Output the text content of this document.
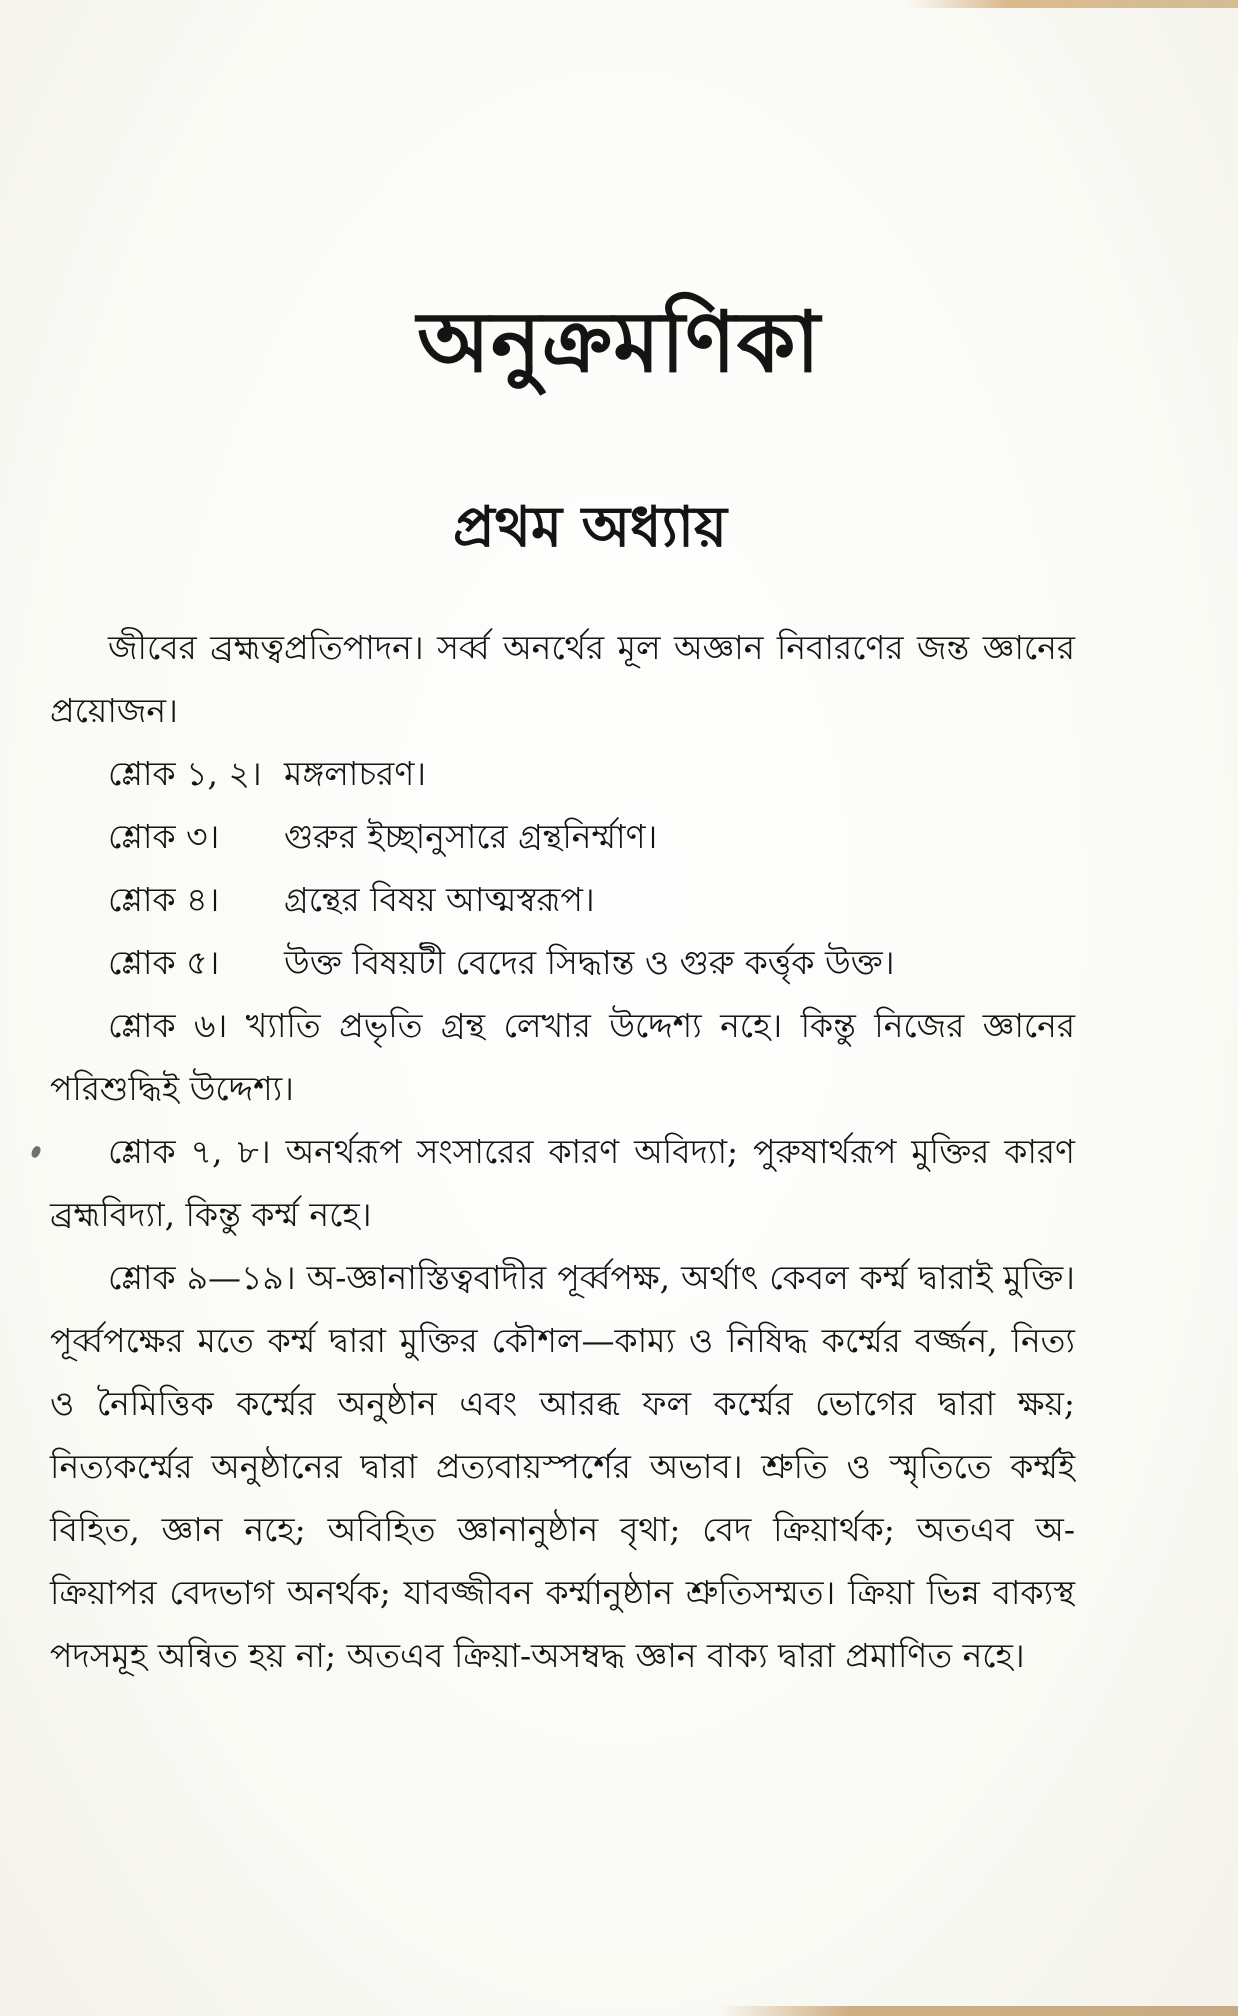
অনুক্রমণিকা
প্রথম অধ্যায়

জীবের ব্রহ্মত্বপ্রতিপাদন। সর্ব্ব অনর্থের মূল অজ্ঞান নিবারণের জন্ত জ্ঞানের প্রয়োজন।

শ্লোক ১, ২। মঙ্গলাচরণ।

শ্লোক ৩। গুরুর ইচ্ছানুসারে গ্রন্থনির্ম্মাণ।

শ্লোক ৪। গ্রন্থের বিষয় আত্মস্বরূপ।

শ্লোক ৫। উক্ত বিষয়টী বেদের সিদ্ধান্ত ও গুরু কর্ত্তৃক উক্ত।

শ্লোক ৬। খ্যাতি প্রভৃতি গ্রন্থ লেখার উদ্দেশ্য নহে। কিন্তু নিজের জ্ঞানের পরিশুদ্ধিই উদ্দেশ্য।

শ্লোক ৭, ৮। অনর্থরূপ সংসারের কারণ অবিদ্যা; পুরুষার্থরূপ মুক্তির কারণ ব্রহ্মবিদ্যা, কিন্তু কর্ম্ম নহে।

শ্লোক ৯—১৯। অ-জ্ঞানাস্তিত্ববাদীর পূর্ব্বপক্ষ, অর্থাৎ কেবল কর্ম্ম দ্বারাই মুক্তি। পূর্ব্বপক্ষের মতে কর্ম্ম দ্বারা মুক্তির কৌশল—কাম্য ও নিষিদ্ধ কর্ম্মের বর্জ্জন, নিত্য ও নৈমিত্তিক কর্ম্মের অনুষ্ঠান এবং আরব্ধ ফল কর্ম্মের ভোগের দ্বারা ক্ষয়; নিত্যকর্ম্মের অনুষ্ঠানের দ্বারা প্রত্যবায়স্পর্শের অভাব। শ্রুতি ও স্মৃতিতে কর্ম্মই বিহিত, জ্ঞান নহে; অবিহিত জ্ঞানানুষ্ঠান বৃথা; বেদ ক্রিয়ার্থক; অতএব অ-ক্রিয়াপর বেদভাগ অনর্থক; যাবজ্জীবন কর্ম্মানুষ্ঠান শ্রুতিসম্মত। ক্রিয়া ভিন্ন বাক্যস্থ পদসমূহ অন্বিত হয় না; অতএব ক্রিয়া-অসম্বদ্ধ জ্ঞান বাক্য দ্বারা প্রমাণিত নহে।
